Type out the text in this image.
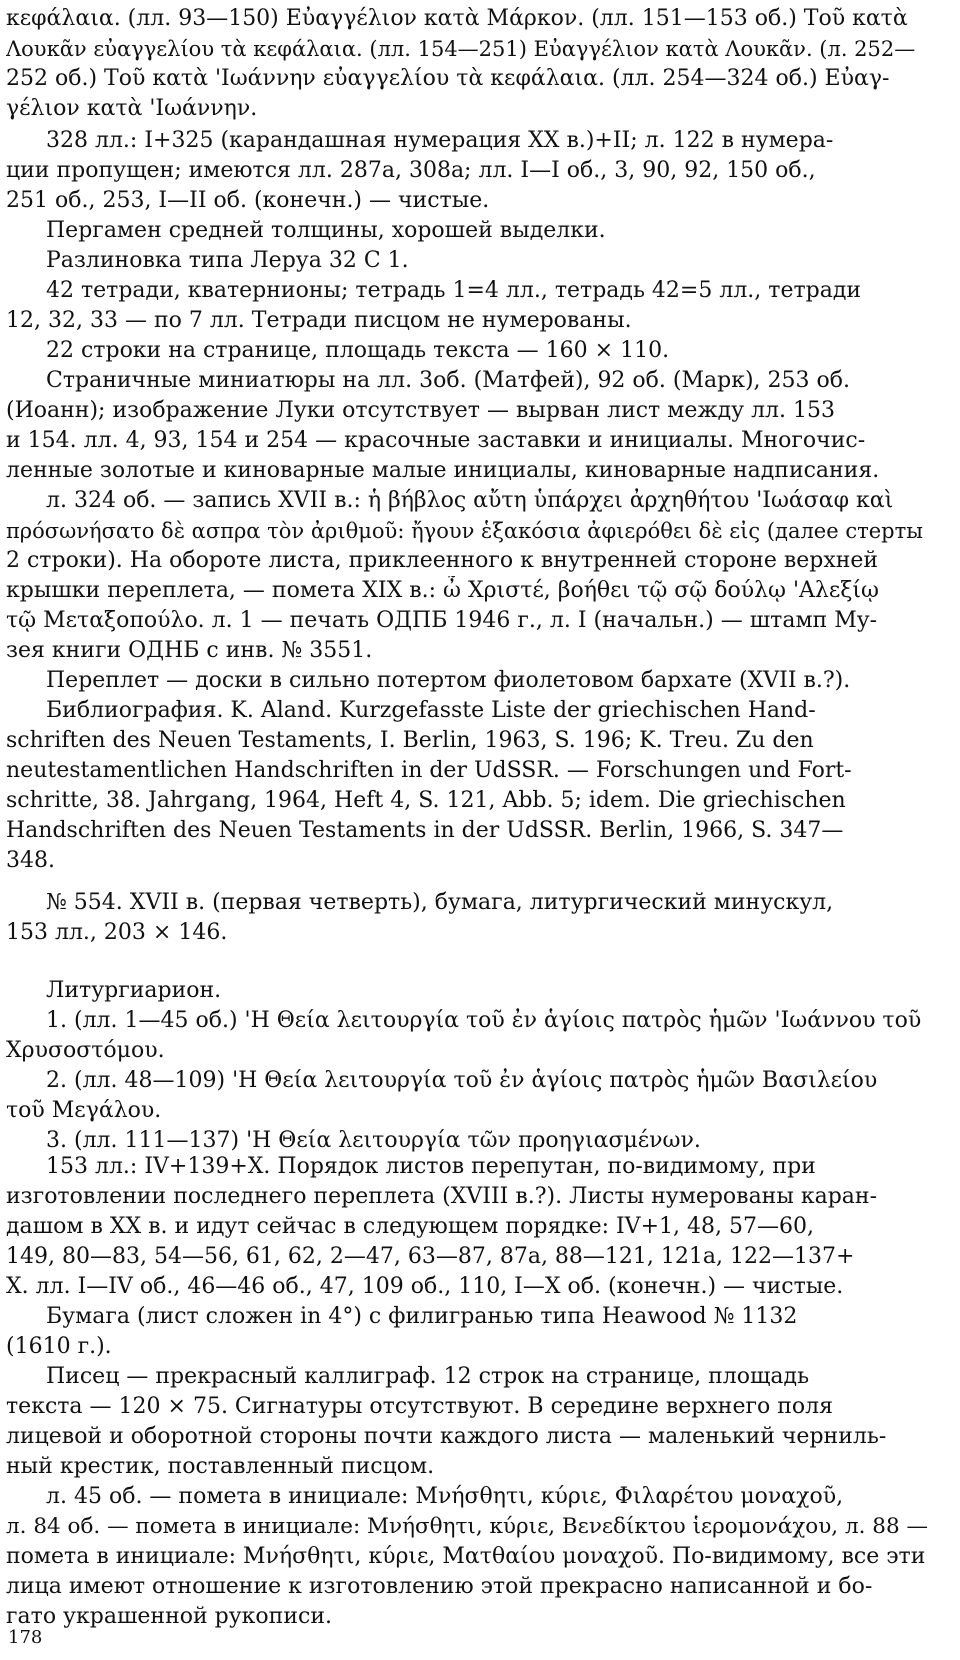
κεφάλαια. (лл. 93—150) Εὐαγγέλιον κατὰ Μάρκον. (лл. 151—153 об.) Τοῦ κατὰ
Λουκᾶν εὐαγγελίου τὰ κεφάλαια. (лл. 154—251) Εὐαγγέλιον κατὰ Λουκᾶν. (л. 252—
252 об.) Τοῦ κατὰ 'Ιωάννην εὐαγγελίου τὰ κεφάλαια. (лл. 254—324 об.) Εὐαγ-
γέλιον κατὰ 'Ιωάννην.
328 лл.: I+325 (карандашная нумерация XX в.)+II; л. 122 в нумера-
ции пропущен; имеются лл. 287а, 308а; лл. I—I об., 3, 90, 92, 150 об.,
251 об., 253, I—II об. (конечн.) — чистые.
Пергамен средней толщины, хорошей выделки.
Разлиновка типа Леруа 32 С 1.
42 тетради, кватернионы; тетрадь 1=4 лл., тетрадь 42=5 лл., тетради
12, 32, 33 — по 7 лл. Тетради писцом не нумерованы.
22 строки на странице, площадь текста — 160 × 110.
Страничные миниатюры на лл. 3об. (Матфей), 92 об. (Марк), 253 об.
(Иоанн); изображение Луки отсутствует — вырван лист между лл. 153
и 154. лл. 4, 93, 154 и 254 — красочные заставки и инициалы. Многочис-
ленные золотые и киноварные малые инициалы, киноварные надписания.
л. 324 об. — запись XVII в.: ἡ βήβλος αὔτη ὑπάρχει ἀρχηθήτου 'Ιωάσαφ καὶ
πρόσωνήσατο δὲ ασπρα τὸν ἀριθμοῦ: ἤγουν ἑξακόσια ἀφιερόθει δὲ εἰς (далее стерты
2 строки). На обороте листа, приклеенного к внутренней стороне верхней
крышки переплета, — помета XIX в.: ὦ Χριστέ, βοήθει τῷ σῷ δούλῳ 'Αλεξίῳ
τῷ Μεταξοπούλο. л. 1 — печать ОДПБ 1946 г., л. I (начальн.) — штамп Му-
зея книги ОДНБ с инв. № 3551.
Переплет — доски в сильно потертом фиолетовом бархате (XVII в.?).
Библиография. K. Aland. Kurzgefasste Liste der griechischen Hand-
schriften des Neuen Testaments, I. Berlin, 1963, S. 196; K. Treu. Zu den
neutestamentlichen Handschriften in der UdSSR. — Forschungen und Fort-
schritte, 38. Jahrgang, 1964, Heft 4, S. 121, Abb. 5; idem. Die griechischen
Handschriften des Neuen Testaments in der UdSSR. Berlin, 1966, S. 347—
348.
№ 554. XVII в. (первая четверть), бумага, литургический минускул,
153 лл., 203 × 146.
Литургиарион.
1. (лл. 1—45 об.) 'Η Θεία λειτουργία τοῦ ἐν ἁγίοις πατρὸς ἡμῶν 'Ιωάννου τοῦ
Χρυσοστόμου.
2. (лл. 48—109) 'Η Θεία λειτουργία τοῦ ἐν ἁγίοις πατρὸς ἡμῶν Βασιλείου
τοῦ Μεγάλου.
3. (лл. 111—137) 'Η Θεία λειτουργία τῶν προηγιασμένων.
153 лл.: IV+139+X. Порядок листов перепутан, по-видимому, при
изготовлении последнего переплета (XVIII в.?). Листы нумерованы каран-
дашом в XX в. и идут сейчас в следующем порядке: IV+1, 48, 57—60,
149, 80—83, 54—56, 61, 62, 2—47, 63—87, 87а, 88—121, 121а, 122—137+
X. лл. I—IV об., 46—46 об., 47, 109 об., 110, I—X об. (конечн.) — чистые.
Бумага (лист сложен in 4°) с филигранью типа Heawood № 1132
(1610 г.).
Писец — прекрасный каллиграф. 12 строк на странице, площадь
текста — 120 × 75. Сигнатуры отсутствуют. В середине верхнего поля
лицевой и оборотной стороны почти каждого листа — маленький черниль-
ный крестик, поставленный писцом.
л. 45 об. — помета в инициале: Μνήσθητι, κύριε, Φιλαρέτου μοναχοῦ,
л. 84 об. — помета в инициале: Μνήσθητι, κύριε, Βενεδίκτου ἱερομονάχου, л. 88 —
помета в инициале: Μνήσθητι, κύριε, Ματθαίου μοναχοῦ. По-видимому, все эти
лица имеют отношение к изготовлению этой прекрасно написанной и бо-
гато украшенной рукописи.
178
